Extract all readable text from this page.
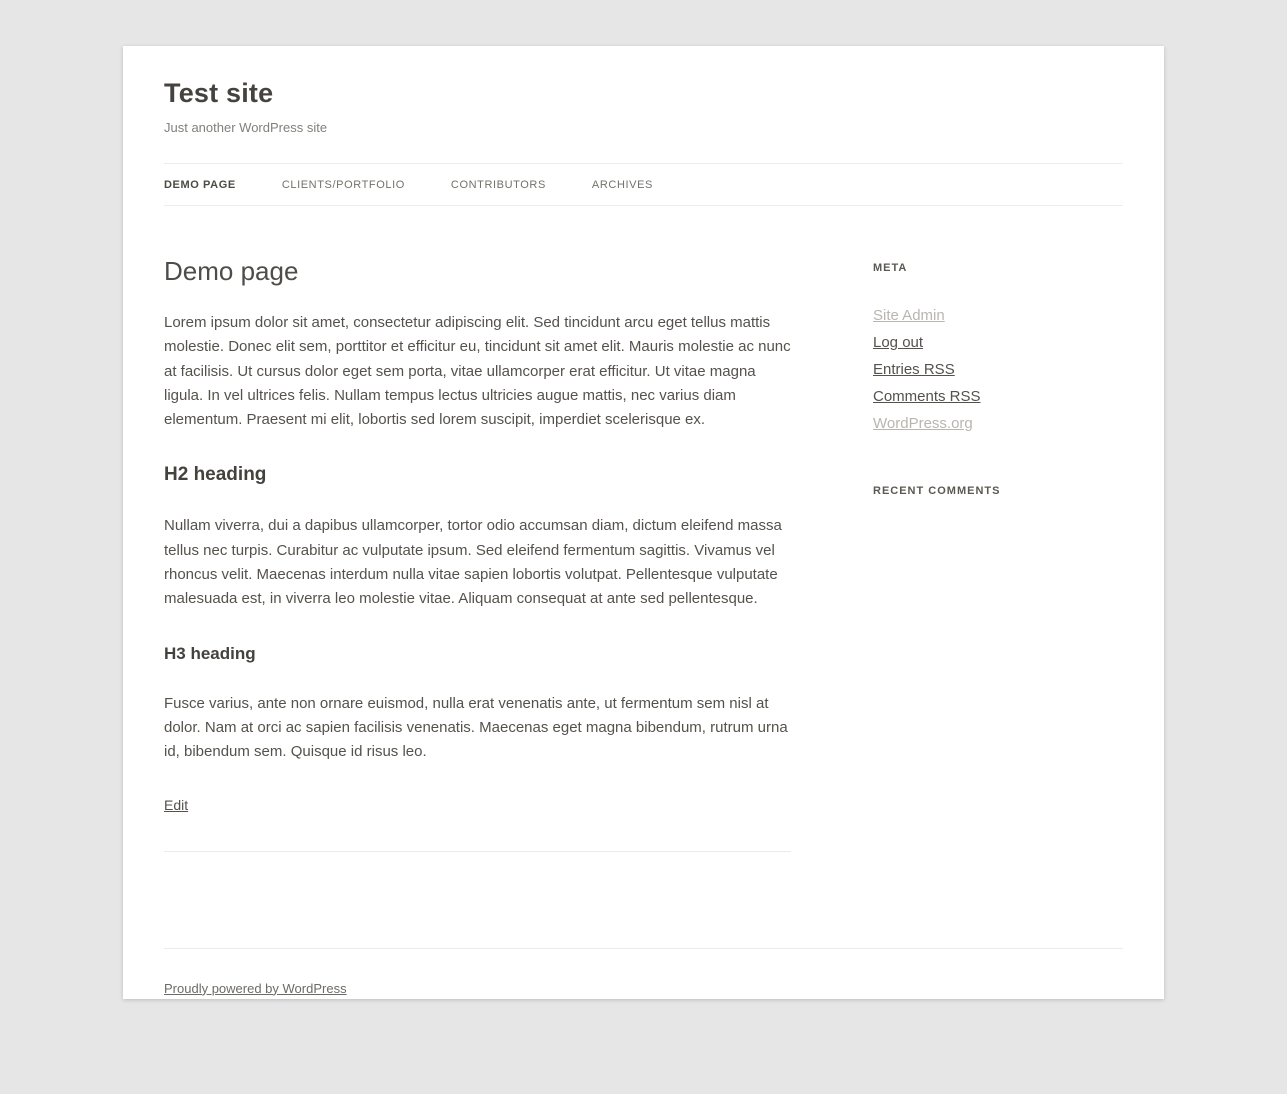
Test site

Just another WordPress site

DEMO PAGE	CLIENTS/PORTFOLIO	CONTRIBUTORS	ARCHIVES
Demo page

Lorem ipsum dolor sit amet, consectetur adipiscing elit. Sed tincidunt arcu eget tellus mattis molestie. Donec elit sem, porttitor et efficitur eu, tincidunt sit amet elit. Mauris molestie ac nunc at facilisis. Ut cursus dolor eget sem porta, vitae ullamcorper erat efficitur. Ut vitae magna ligula. In vel ultrices felis. Nullam tempus lectus ultricies augue mattis, nec varius diam elementum. Praesent mi elit, lobortis sed lorem suscipit, imperdiet scelerisque ex.

H2 heading

Nullam viverra, dui a dapibus ullamcorper, tortor odio accumsan diam, dictum eleifend massa tellus nec turpis. Curabitur ac vulputate ipsum. Sed eleifend fermentum sagittis. Vivamus vel rhoncus velit. Maecenas interdum nulla vitae sapien lobortis volutpat. Pellentesque vulputate malesuada est, in viverra leo molestie vitae. Aliquam consequat at ante sed pellentesque.

H3 heading

Fusce varius, ante non ornare euismod, nulla erat venenatis ante, ut fermentum sem nisl at dolor. Nam at orci ac sapien facilisis venenatis. Maecenas eget magna bibendum, rutrum urna id, bibendum sem. Quisque id risus leo.

Edit
META
Site Admin
Log out
Entries RSS
Comments RSS
WordPress.org
RECENT COMMENTS
Proudly powered by WordPress
